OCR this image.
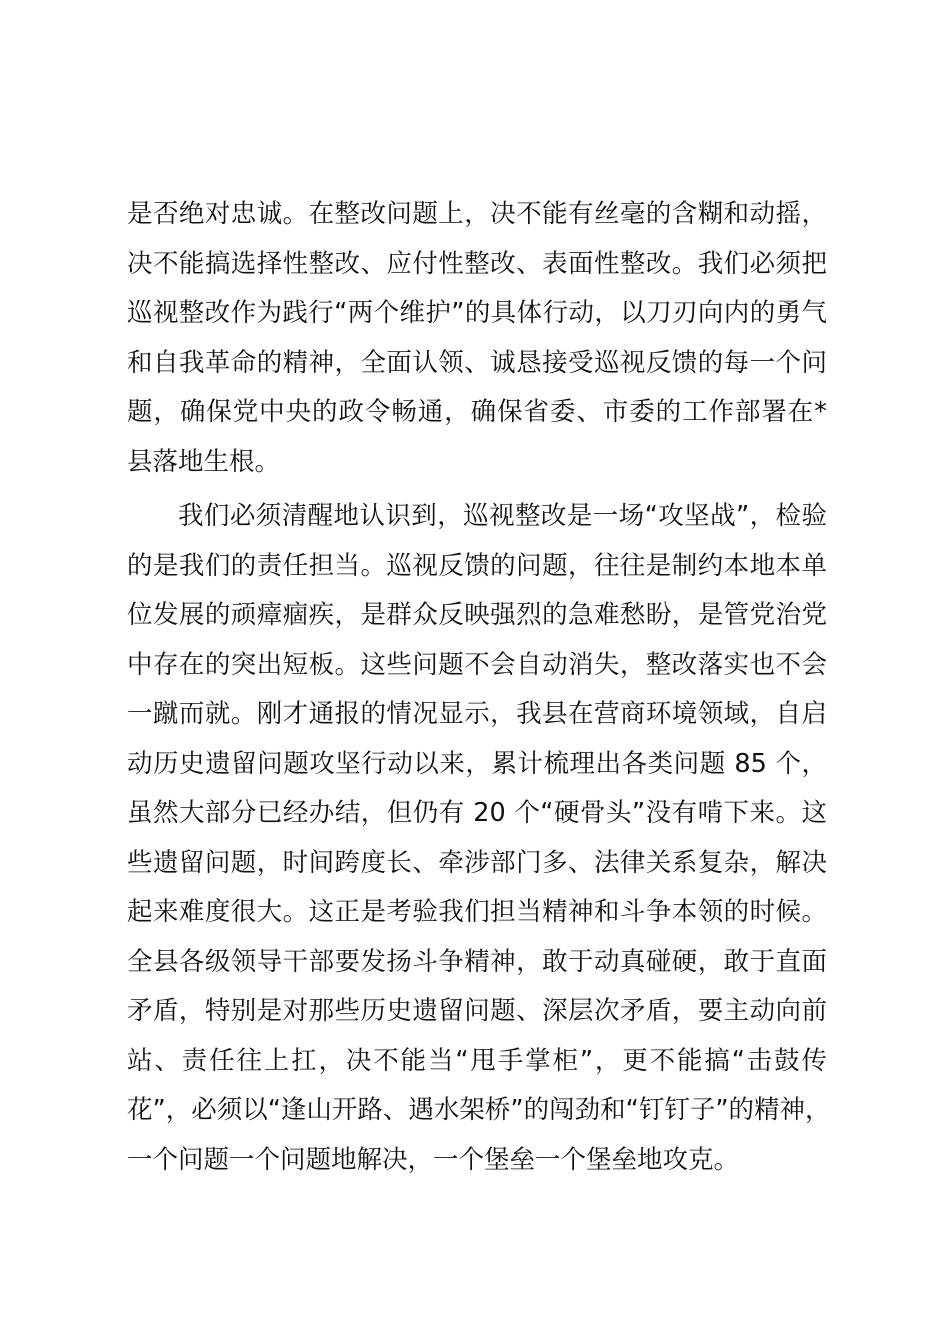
是否绝对忠诚。在整改问题上，决不能有丝毫的含糊和动摇，
决不能搞选择性整改、应付性整改、表面性整改。我们必须把
巡视整改作为践行“两个维护”的具体行动，以刀刃向内的勇气
和自我革命的精神，全面认领、诚恳接受巡视反馈的每一个问
题，确保党中央的政令畅通，确保省委、市委的工作部署在*
县落地生根。
我们必须清醒地认识到，巡视整改是一场“攻坚战”，检验
的是我们的责任担当。巡视反馈的问题，往往是制约本地本单
位发展的顽瘴痼疾，是群众反映强烈的急难愁盼，是管党治党
中存在的突出短板。这些问题不会自动消失，整改落实也不会
一蹴而就。刚才通报的情况显示，我县在营商环境领域，自启
动历史遗留问题攻坚行动以来，累计梳理出各类问题 85 个，
虽然大部分已经办结，但仍有 20 个“硬骨头”没有啃下来。这
些遗留问题，时间跨度长、牵涉部门多、法律关系复杂，解决
起来难度很大。这正是考验我们担当精神和斗争本领的时候。
全县各级领导干部要发扬斗争精神，敢于动真碰硬，敢于直面
矛盾，特别是对那些历史遗留问题、深层次矛盾，要主动向前
站、责任往上扛，决不能当“甩手掌柜”，更不能搞“击鼓传
花”，必须以“逢山开路、遇水架桥”的闯劲和“钉钉子”的精神，
一个问题一个问题地解决，一个堡垒一个堡垒地攻克。
